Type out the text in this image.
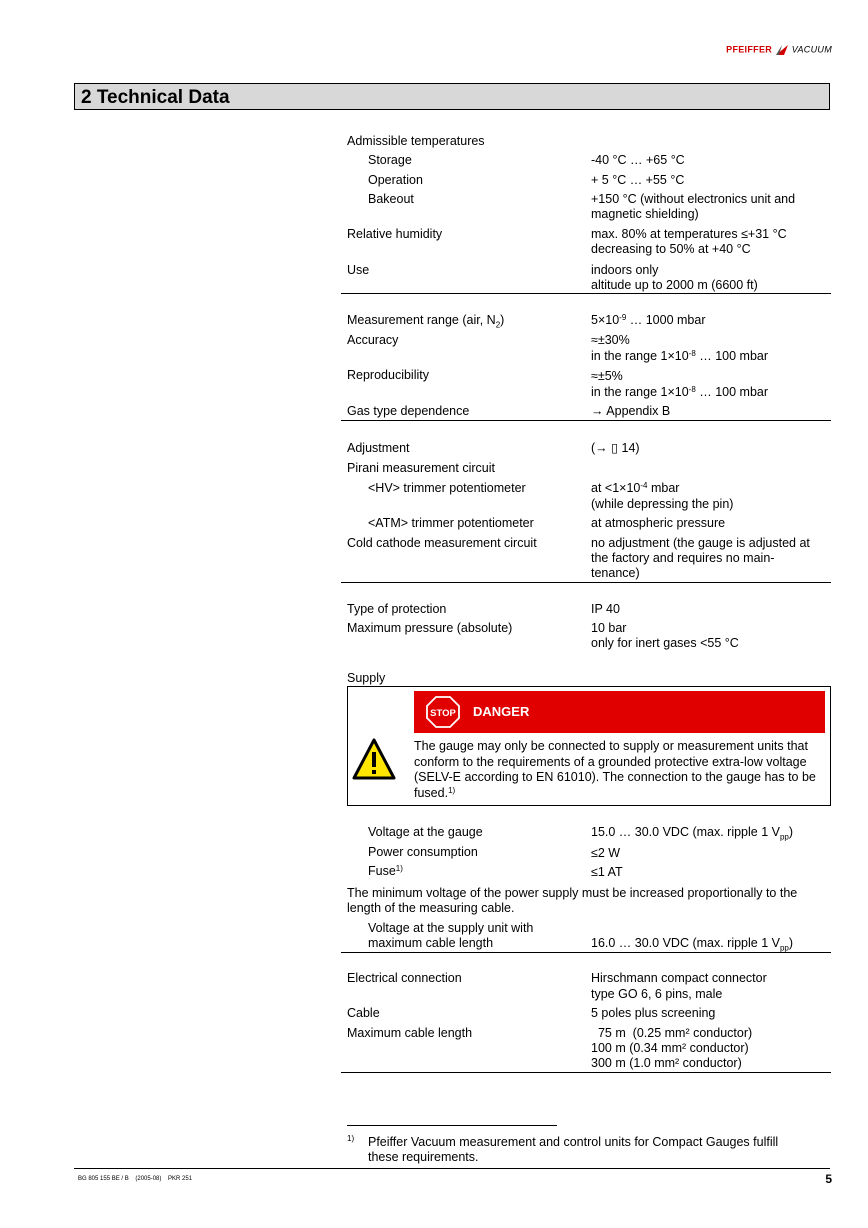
PFEIFFER VACUUM
2 Technical Data
Admissible temperatures
Storage	-40 °C … +65 °C
Operation	+ 5 °C … +55 °C
Bakeout	+150 °C (without electronics unit and
magnetic shielding)
Relative humidity	max. 80% at temperatures ≤+31 °C
decreasing to 50% at +40 °C
Use	indoors only
altitude up to 2000 m (6600 ft)
Measurement range (air, $N_2$)	$5\times 10^{-9}$ … 1000 mbar
Accuracy	≈±30%
in the range $1\times 10^{-8}$ … 100 mbar
Reproducibility	≈±5%
in the range $1\times 10^{-8}$ … 100 mbar
Gas type dependence	→ Appendix B
Adjustment	(→ ▯ 14)
Pirani measurement circuit
<HV> trimmer potentiometer	at $<1\times 10^{-4}$ mbar
(while depressing the pin)
<ATM> trimmer potentiometer	at atmospheric pressure
Cold cathode measurement circuit	no adjustment (the gauge is adjusted at
the factory and requires no main-
tenance)
Type of protection	IP 40
Maximum pressure (absolute)	10 bar
only for inert gases <55 °C
Supply
STOP DANGER
The gauge may only be connected to supply or measurement units that conform to the requirements of a grounded protective extra-low voltage (SELV-E according to EN 61010). The connection to the gauge has to be fused.$^{1)}$
Voltage at the gauge	15.0 … 30.0 VDC (max. ripple 1 $V_{pp}$)
Power consumption	≤2 W
Fuse$^{1)}$	≤1 AT
The minimum voltage of the power supply must be increased proportionally to the
length of the measuring cable.
Voltage at the supply unit with
maximum cable length	16.0 … 30.0 VDC (max. ripple 1 $V_{pp}$)
Electrical connection	Hirschmann compact connector
type GO 6, 6 pins, male
Cable	5 poles plus screening
Maximum cable length	75 m  (0.25 mm² conductor)
100 m (0.34 mm² conductor)
300 m (1.0 mm² conductor)
1) Pfeiffer Vacuum measurement and control units for Compact Gauges fulfill
these requirements.
BG 805 155 BE / B    (2005-08)    PKR 251	5
